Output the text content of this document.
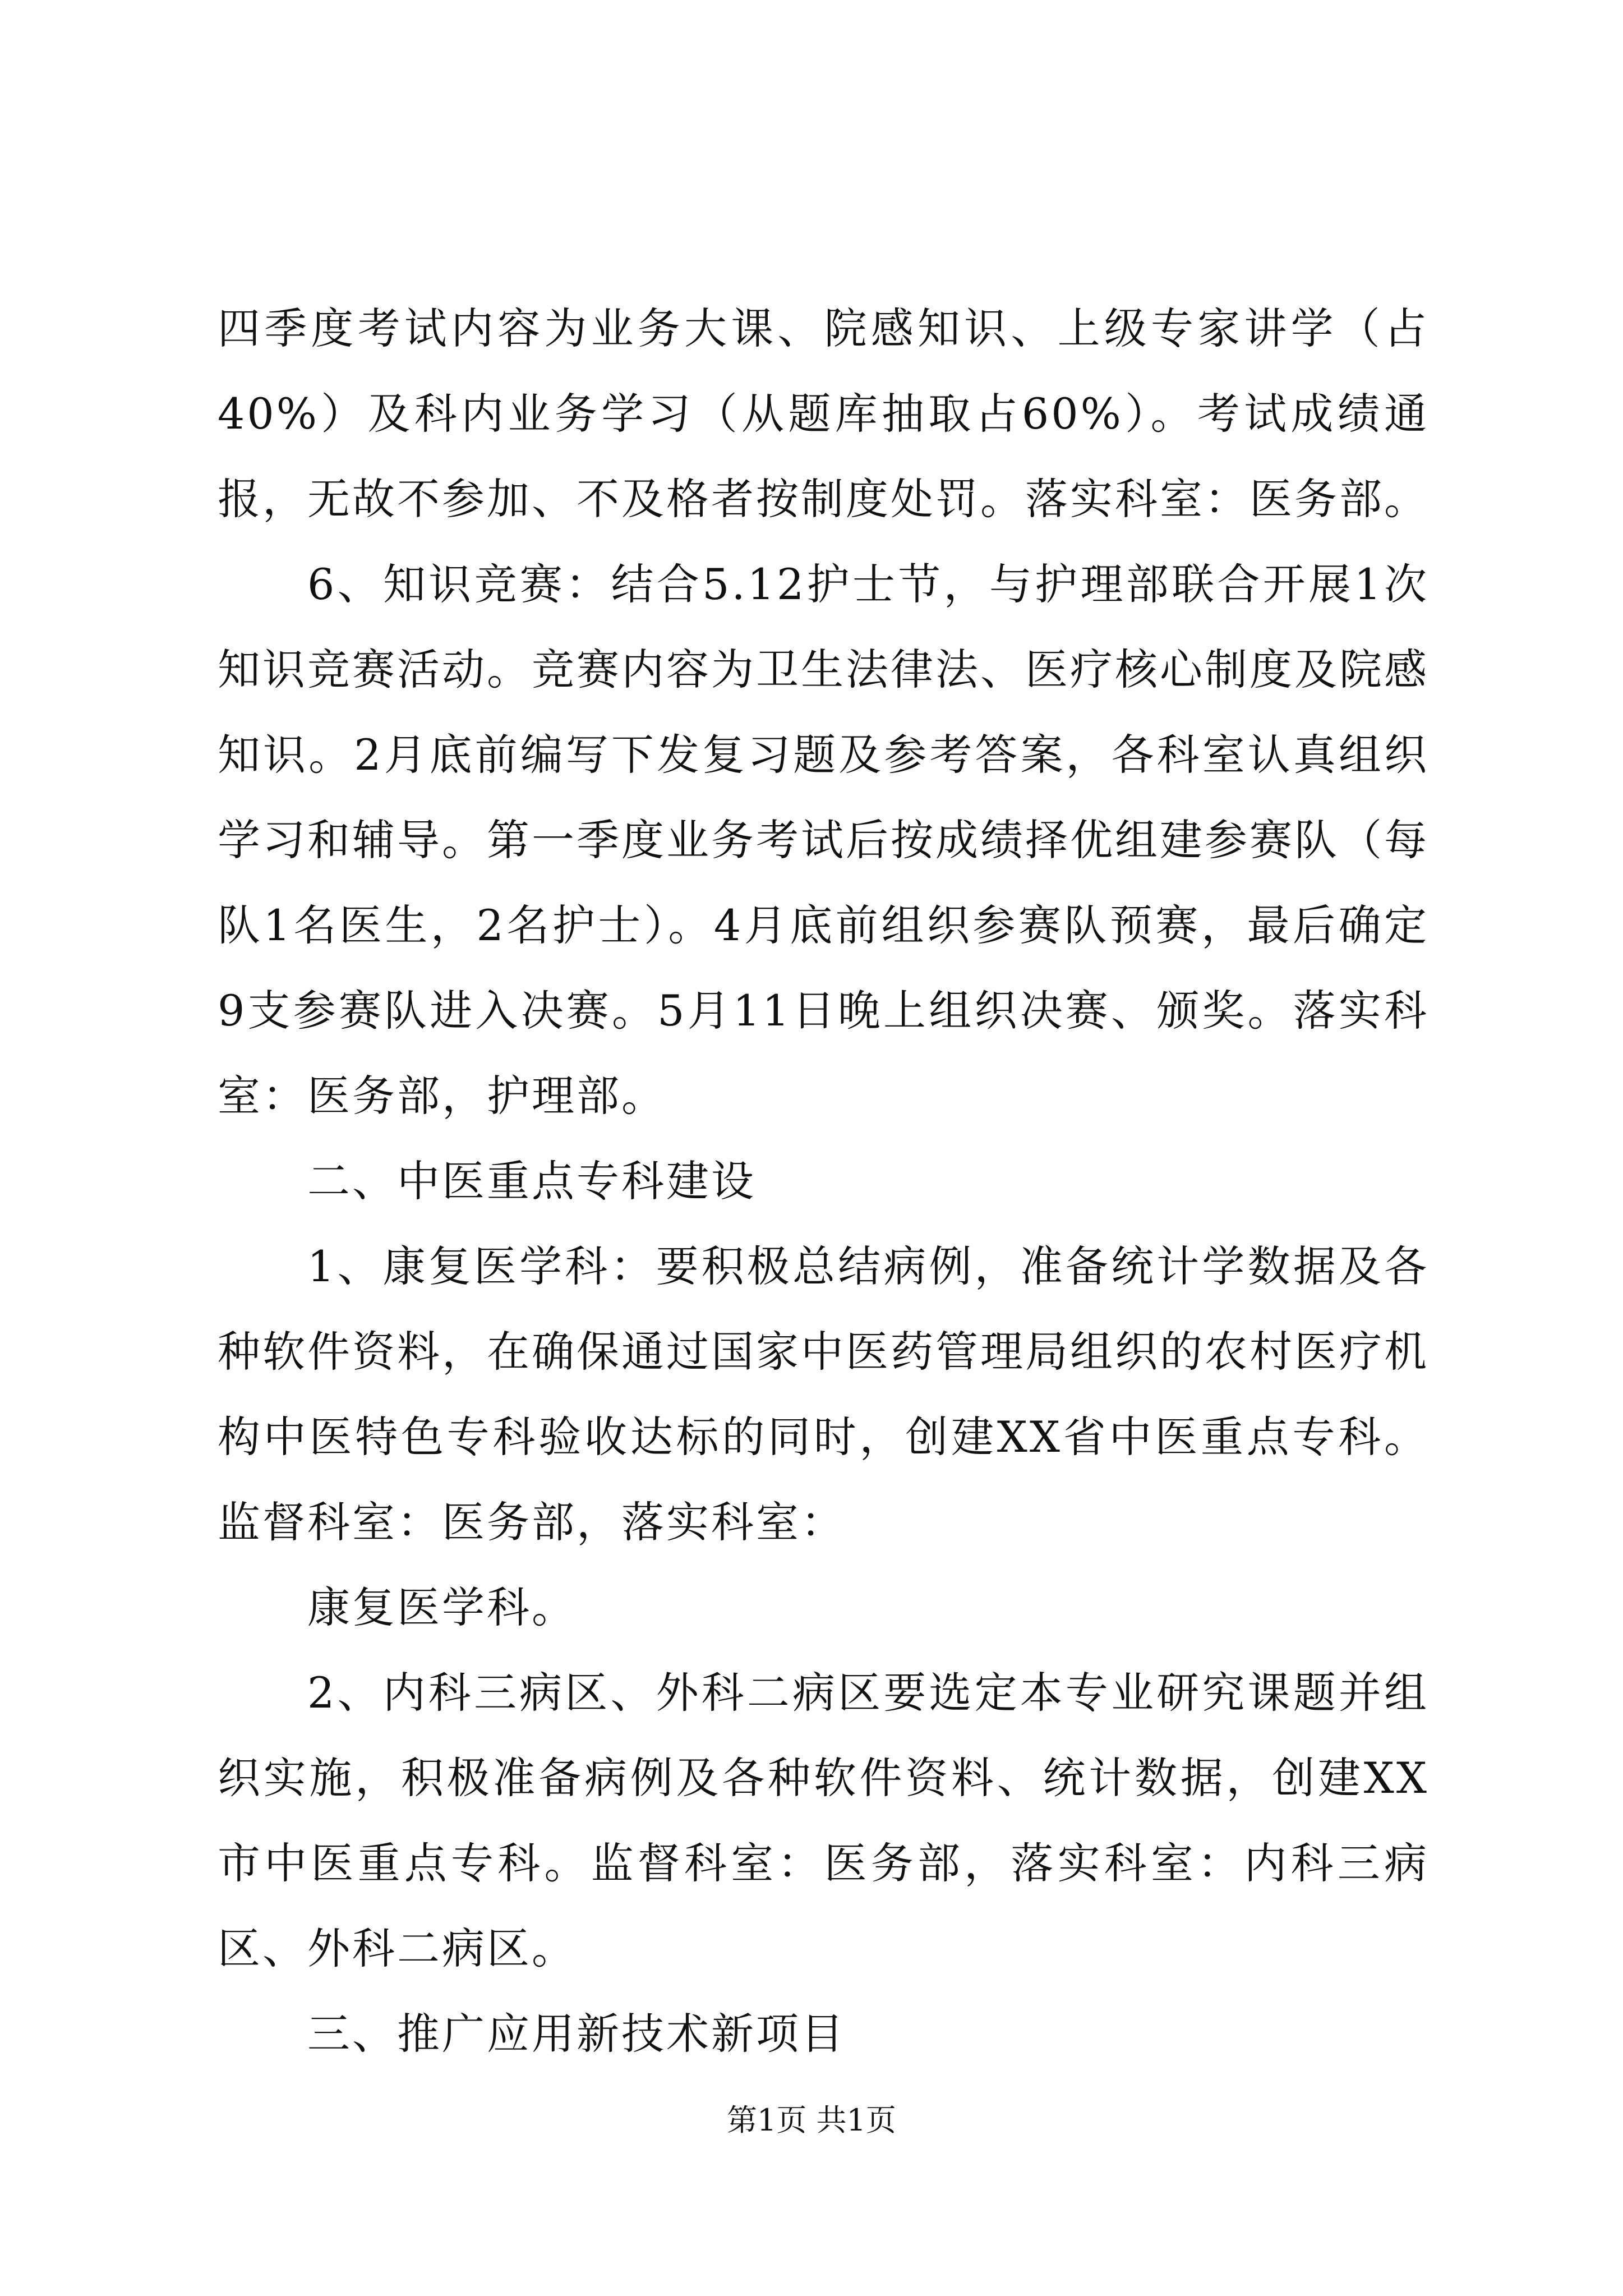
四季度考试内容为业务大课、院感知识、上级专家讲学（占40%）及科内业务学习（从题库抽取占60%）。考试成绩通报，无故不参加、不及格者按制度处罚。落实科室：医务部。

6、知识竞赛：结合5.12护士节，与护理部联合开展1次知识竞赛活动。竞赛内容为卫生法律法、医疗核心制度及院感知识。2月底前编写下发复习题及参考答案，各科室认真组织学习和辅导。第一季度业务考试后按成绩择优组建参赛队（每队1名医生，2名护士）。4月底前组织参赛队预赛，最后确定9支参赛队进入决赛。5月11日晚上组织决赛、颁奖。落实科室：医务部，护理部。

二、中医重点专科建设

1、康复医学科：要积极总结病例，准备统计学数据及各种软件资料，在确保通过国家中医药管理局组织的农村医疗机构中医特色专科验收达标的同时，创建XX省中医重点专科。监督科室：医务部，落实科室：

康复医学科。

2、内科三病区、外科二病区要选定本专业研究课题并组织实施，积极准备病例及各种软件资料、统计数据，创建XX市中医重点专科。监督科室：医务部，落实科室：内科三病区、外科二病区。

三、推广应用新技术新项目

第1页 共1页
